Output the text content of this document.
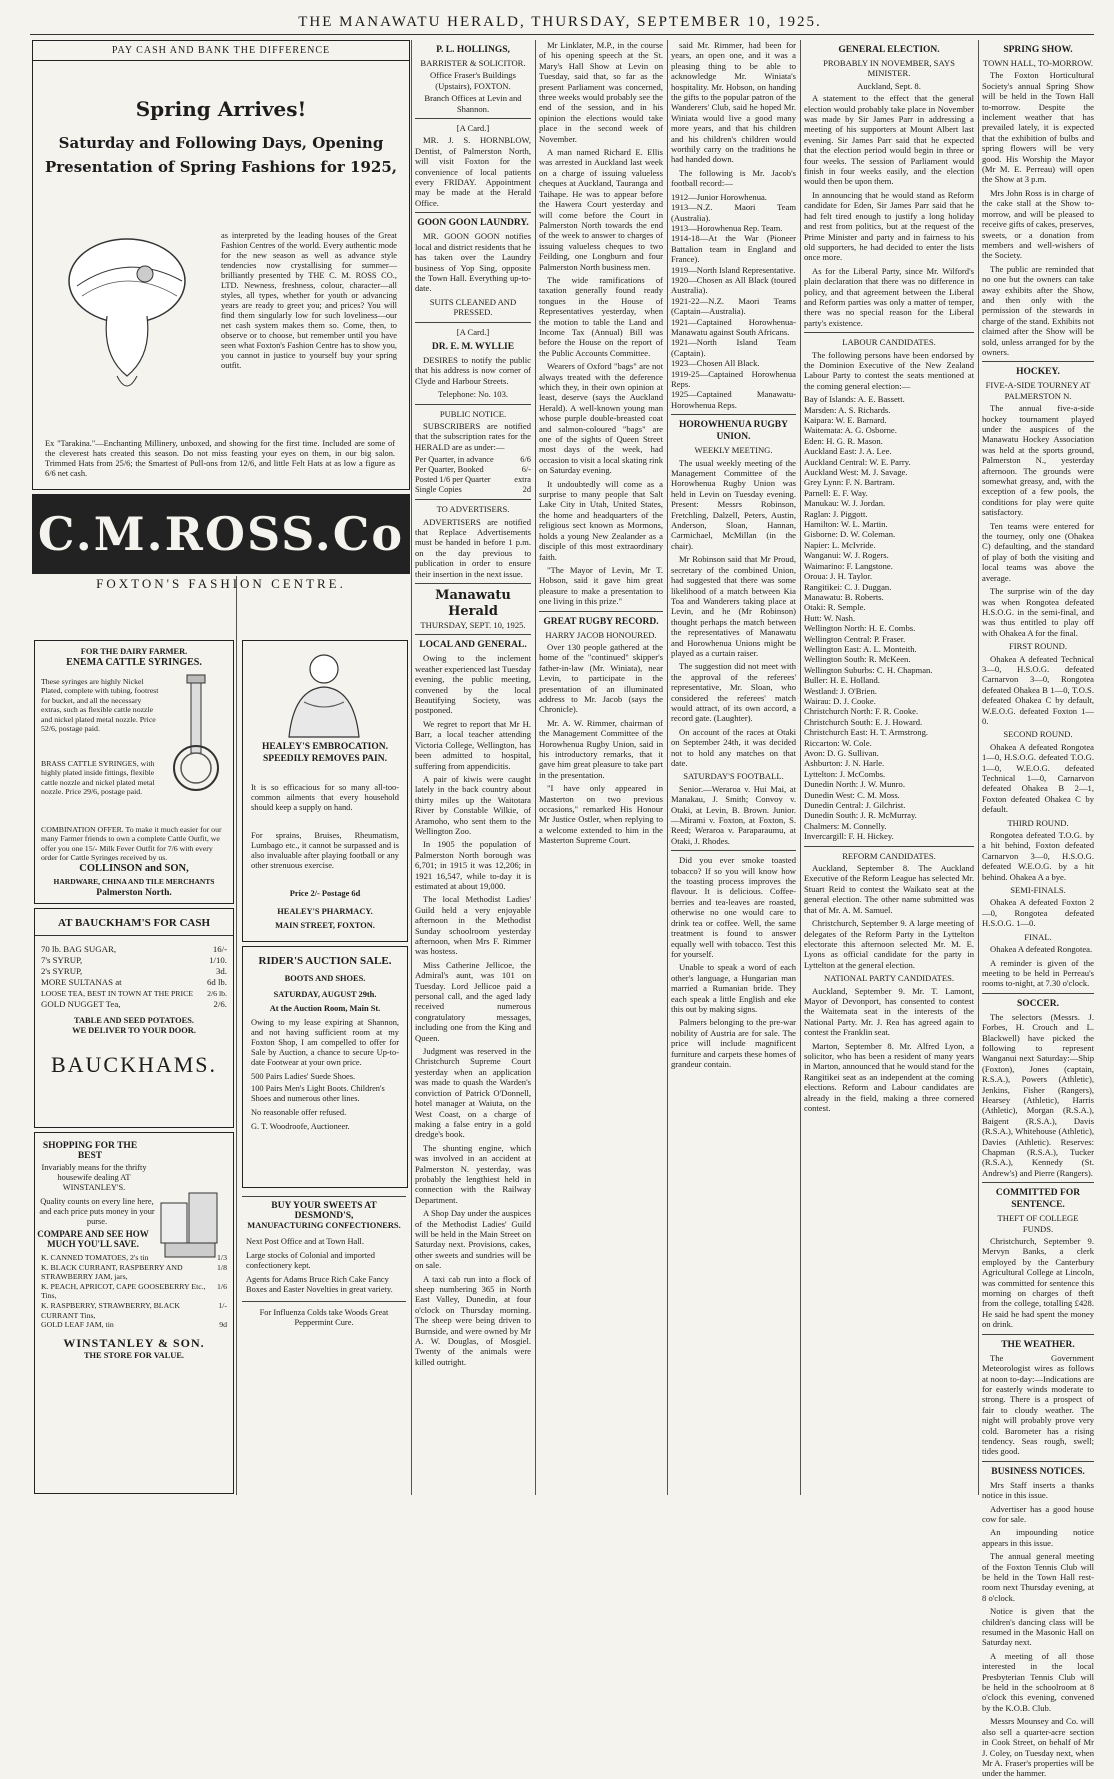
THE MANAWATU HERALD, THURSDAY, SEPTEMBER 10, 1925.
PAY CASH AND BANK THE DIFFERENCE
Spring Arrives!
Saturday and Following Days, Opening Presentation of Spring Fashions for 1925,
as interpreted by the leading houses of the Great Fashion Centres of the world. Every authentic mode for the new season as well as advance style tendencies now crystallising for summer—brilliantly presented by THE C. M. ROSS CO., LTD. Newness, freshness, colour, character—all styles, all types, whether for youth or advancing years are ready to greet you; and prices? You will find them singularly low for such loveliness—our net cash system makes them so. Come, then, to observe or to choose, but remember until you have seen what Foxton's Fashion Centre has to show you, you cannot in justice to yourself buy your spring outfit.
Ex "Tarakina."—Enchanting Millinery, unboxed, and showing for the first time. Included are some of the cleverest hats created this season. Do not miss feasting your eyes on them, in our big salon. Trimmed Hats from 25/6; the Smartest of Pull-ons from 12/6, and little Felt Hats at as low a figure as 6/6 net cash.
C.M.ROSS.Co
FOXTON'S FASHION CENTRE.
FOR THE DAIRY FARMER.
ENEMA CATTLE SYRINGES.
These syringes are highly Nickel Plated, complete with tubing, footrest for bucket, and all the necessary extras, such as flexible cattle nozzle and nickel plated metal nozzle. Price 52/6, postage paid.
BRASS CATTLE SYRINGES, with highly plated inside fittings, flexible cattle nozzle and nickel plated metal nozzle. Price 29/6, postage paid.
COMBINATION OFFER. To make it much easier for our many Farmer friends to own a complete Cattle Outfit, we offer you one 15/- Milk Fever Outfit for 7/6 with every order for Cattle Syringes received by us.
COLLINSON and SON,
HARDWARE, CHINA AND TILE MERCHANTS
Palmerston North.
AT BAUCKHAM'S FOR CASH
70 lb. BAG SUGAR,	16/-
7's SYRUP,	1/10.
2's SYRUP,	3d.
MORE SULTANAS at	6d lb.
LOOSE TEA, BEST IN TOWN AT THE PRICE 2/6 lb.
GOLD NUGGET Tea,	2/6.
TABLE AND SEED POTATOES.
WE DELIVER TO YOUR DOOR.
BAUCKHAMS.
SHOPPING FOR THE BEST
Invariably means for the thrifty housewife dealing AT WINSTANLEY'S.
Quality counts on every line here, and each price puts money in your purse.
COMPARE AND SEE HOW MUCH YOU'LL SAVE.
K. CANNED TOMATOES, 2's tin	1/3
K. BLACK CURRANT, RASPBERRY AND STRAWBERRY JAM, jars,
1/8
K. PEACH, APRICOT, CAPE GOOSEBERRY Etc., Tins,
1/6
K. RASPBERRY, STRAWBERRY, BLACK CURRANT Tins,
1/-
GOLD LEAF JAM, tin	9d
WINSTANLEY & SON.
THE STORE FOR VALUE.
HEALEY'S EMBROCATION. SPEEDILY REMOVES PAIN.
It is so efficacious for so many all-too-common ailments that every household should keep a supply on hand.
For sprains, Bruises, Rheumatism, Lumbago etc., it cannot be surpassed and is also invaluable after playing football or any other strenuous exercise.
Price 2/- Postage 6d
HEALEY'S PHARMACY.
MAIN STREET, FOXTON.
RIDER'S AUCTION SALE.
BOOTS AND SHOES.
SATURDAY, AUGUST 29th.
At the Auction Room, Main St.
Owing to my lease expiring at Shannon, and not having sufficient room at my Foxton Shop, I am compelled to offer for Sale by Auction, a chance to secure Up-to-date Footwear at your own price.
500 Pairs Ladies' Suede Shoes.
100 Pairs Men's Light Boots. Children's Shoes and numerous other lines.
No reasonable offer refused.
G. T. Woodroofe, Auctioneer.
BUY YOUR SWEETS AT DESMOND'S,
MANUFACTURING CONFECTIONERS.
Next Post Office and at Town Hall.
Large stocks of Colonial and imported confectionery kept.
Agents for Adams Bruce Rich Cake Fancy Boxes and Easter Novelties in great variety.
For Influenza Colds take Woods Great Peppermint Cure.
P. L. HOLLINGS,
BARRISTER & SOLICITOR.
Office Fraser's Buildings (Upstairs), FOXTON.
Branch Offices at Levin and Shannon.
[A Card.]
MR. J. S. HORNBLOW, Dentist, of Palmerston North, will visit Foxton for the convenience of local patients every FRIDAY. Appointment may be made at the Herald Office.
GOON GOON LAUNDRY.
MR. GOON GOON notifies local and district residents that he has taken over the Laundry business of Yop Sing, opposite the Town Hall. Everything up-to-date.
SUITS CLEANED AND PRESSED.
[A Card.]
DR. E. M. WYLLIE
DESIRES to notify the public that his address is now corner of Clyde and Harbour Streets.
Telephone: No. 103.
PUBLIC NOTICE.
SUBSCRIBERS are notified that the subscription rates for the HERALD are as under:—
Per Quarter, in advance	6/6
Per Quarter, Booked	6/-
Posted 1/6 per Quarter	extra
Single Copies	2d
TO ADVERTISERS.
ADVERTISERS are notified that Replace Advertisements must be handed in before 1 p.m. on the day previous to publication in order to ensure their insertion in the next issue.
Manawatu Herald
THURSDAY, SEPT. 10, 1925.
LOCAL AND GENERAL.
Owing to the inclement weather experienced last Tuesday evening, the public meeting, convened by the local Beautifying Society, was postponed.
We regret to report that Mr H. Barr, a local teacher attending Victoria College, Wellington, has been admitted to hospital, suffering from appendicitis.
A pair of kiwis were caught lately in the back country about thirty miles up the Waitotara River by Constable Wilkie, of Aramoho, who sent them to the Wellington Zoo.
In 1905 the population of Palmerston North borough was 6,701; in 1915 it was 12,206; in 1921 16,547, while to-day it is estimated at about 19,000.
The local Methodist Ladies' Guild held a very enjoyable afternoon in the Methodist Sunday schoolroom yesterday afternoon, when Mrs F. Rimmer was hostess.
Miss Catherine Jellicoe, the Admiral's aunt, was 101 on Tuesday. Lord Jellicoe paid a personal call, and the aged lady received numerous congratulatory messages, including one from the King and Queen.
Judgment was reserved in the Christchurch Supreme Court yesterday when an application was made to quash the Warden's conviction of Patrick O'Donnell, hotel manager at Waiuta, on the West Coast, on a charge of making a false entry in a gold dredge's book.
The shunting engine, which was involved in an accident at Palmerston N. yesterday, was probably the lengthiest held in connection with the Railway Department.
A Shop Day under the auspices of the Methodist Ladies' Guild will be held in the Main Street on Saturday next. Provisions, cakes, other sweets and sundries will be on sale.
A taxi cab run into a flock of sheep numbering 365 in North East Valley, Dunedin, at four o'clock on Thursday morning. The sheep were being driven to Burnside, and were owned by Mr A. W. Douglas, of Mosgiel. Twenty of the animals were killed outright.
Mr Linklater, M.P., in the course of his opening speech at the St. Mary's Hall Show at Levin on Tuesday, said that, so far as the present Parliament was concerned, three weeks would probably see the end of the session, and in his opinion the elections would take place in the second week of November.
A man named Richard E. Ellis was arrested in Auckland last week on a charge of issuing valueless cheques at Auckland, Tauranga and Taihape. He was to appear before the Hawera Court yesterday and will come before the Court in Palmerston North towards the end of the week to answer to charges of issuing valueless cheques to two Feilding, one Longburn and four Palmerston North business men.
The wide ramifications of taxation generally found ready tongues in the House of Representatives yesterday, when the motion to table the Land and Income Tax (Annual) Bill was before the House on the report of the Public Accounts Committee.
Wearers of Oxford "bags" are not always treated with the deference which they, in their own opinion at least, deserve (says the Auckland Herald). A well-known young man whose purple double-breasted coat and salmon-coloured "bags" are one of the sights of Queen Street most days of the week, had occasion to visit a local skating rink on Saturday evening.
It undoubtedly will come as a surprise to many people that Salt Lake City in Utah, United States, the home and headquarters of the religious sect known as Mormons, holds a young New Zealander as a disciple of this most extraordinary faith.
"The Mayor of Levin, Mr T. Hobson, said it gave him great pleasure to make a presentation to one living in this prize."
GREAT RUGBY RECORD.
HARRY JACOB HONOURED.
Over 130 people gathered at the home of the "continued" skipper's father-in-law (Mr. Winiata), near Levin, to participate in the presentation of an illuminated address to Mr. Jacob (says the Chronicle).
Mr. A. W. Rimmer, chairman of the Management Committee of the Horowhenua Rugby Union, said in his introductory remarks, that it gave him great pleasure to take part in the presentation.
"I have only appeared in Masterton on two previous occasions," remarked His Honour Mr Justice Ostler, when replying to a welcome extended to him in the Masterton Supreme Court.
said Mr. Rimmer, had been for years, an open one, and it was a pleasing thing to be able to acknowledge Mr. Winiata's hospitality. Mr. Hobson, on handing the gifts to the popular patron of the Wanderers' Club, said he hoped Mr. Winiata would live a good many more years, and that his children and his children's children would worthily carry on the traditions he had handed down.
The following is Mr. Jacob's football record:—
1912—Junior Horowhenua.
1913—N.Z. Maori Team (Australia).
1913—Horowhenua Rep. Team.
1914-18—At the War (Pioneer Battalion team in England and France).
1919—North Island Representative.
1920—Chosen as All Black (toured Australia).
1921-22—N.Z. Maori Teams (Captain—Australia).
1921—Captained Horowhenua-Manawatu against South Africans.
1921—North Island Team (Captain).
1923—Chosen All Black.
1919-25—Captained Horowhenua Reps.
1925—Captained Manawatu-Horowhenua Reps.
HOROWHENUA RUGBY UNION.
WEEKLY MEETING.
The usual weekly meeting of the Management Committee of the Horowhenua Rugby Union was held in Levin on Tuesday evening. Present: Messrs Robinson, Fretchling, Dalzell, Peters, Austin, Anderson, Sloan, Hannan, Carmichael, McMillan (in the chair).
Mr Robinson said that Mr Proud, secretary of the combined Union, had suggested that there was some likelihood of a match between Kia Toa and Wanderers taking place at Levin, and he (Mr Robinson) thought perhaps the match between the representatives of Manawatu and Horowhenua Unions might be played as a curtain raiser.
The suggestion did not meet with the approval of the referees' representative, Mr. Sloan, who considered the referees' match would attract, of its own accord, a record gate. (Laughter).
On account of the races at Otaki on September 24th, it was decided not to hold any matches on that date.
SATURDAY'S FOOTBALL.
Senior.—Weraroa v. Hui Mai, at Manakau, J. Smith; Convoy v. Otaki, at Levin, B. Brown. Junior.—Mirami v. Foxton, at Foxton, S. Reed; Weraroa v. Paraparaumu, at Otaki, J. Rhodes.
Did you ever smoke toasted tobacco? If so you will know how the toasting process improves the flavour. It is delicious. Coffee-berries and tea-leaves are roasted, otherwise no one would care to drink tea or coffee. Well, the same treatment is found to answer equally well with tobacco. Test this for yourself.
Unable to speak a word of each other's language, a Hungarian man married a Rumanian bride. They each speak a little English and eke this out by making signs.
Palmers belonging to the pre-war nobility of Austria are for sale. The price will include magnificent furniture and carpets these homes of grandeur contain.
GENERAL ELECTION.
PROBABLY IN NOVEMBER, SAYS MINISTER.
Auckland, Sept. 8.
A statement to the effect that the general election would probably take place in November was made by Sir James Parr in addressing a meeting of his supporters at Mount Albert last evening. Sir James Parr said that he expected that the election period would begin in three or four weeks. The session of Parliament would finish in four weeks easily, and the election would then be upon them.
In announcing that he would stand as Reform candidate for Eden, Sir James Parr said that he had felt tired enough to justify a long holiday and rest from politics, but at the request of the Prime Minister and party and in fairness to his old supporters, he had decided to enter the lists once more.
As for the Liberal Party, since Mr. Wilford's plain declaration that there was no difference in policy, and that agreement between the Liberal and Reform parties was only a matter of temper, there was no special reason for the Liberal party's existence.
LABOUR CANDIDATES.
The following persons have been endorsed by the Dominion Executive of the New Zealand Labour Party to contest the seats mentioned at the coming general election:—
Bay of Islands: A. E. Bassett.
Marsden: A. S. Richards.
Kaipara: W. E. Barnard.
Waitemata: A. G. Osborne.
Eden: H. G. R. Mason.
Auckland East: J. A. Lee.
Auckland Central: W. E. Parry.
Auckland West: M. J. Savage.
Grey Lynn: F. N. Bartram.
Parnell: E. F. Way.
Manukau: W. J. Jordan.
Raglan: J. Piggott.
Hamilton: W. L. Martin.
Gisborne: D. W. Coleman.
Napier: L. McIvride.
Wanganui: W. J. Rogers.
Waimarino: F. Langstone.
Oroua: J. H. Taylor.
Rangitikei: C. J. Duggan.
Manawatu: B. Roberts.
Otaki: R. Semple.
Hutt: W. Nash.
Wellington North: H. E. Combs.
Wellington Central: P. Fraser.
Wellington East: A. L. Monteith.
Wellington South: R. McKeen.
Wellington Suburbs: C. H. Chapman.
Buller: H. E. Holland.
Westland: J. O'Brien.
Wairau: D. J. Cooke.
Christchurch North: F. R. Cooke.
Christchurch South: E. J. Howard.
Christchurch East: H. T. Armstrong.
Riccarton: W. Cole.
Avon: D. G. Sullivan.
Ashburton: J. N. Harle.
Lyttelton: J. McCombs.
Dunedin North: J. W. Munro.
Dunedin West: C. M. Moss.
Dunedin Central: J. Gilchrist.
Dunedin South: J. R. McMurray.
Chalmers: M. Connelly.
Invercargill: F. H. Hickey.
REFORM CANDIDATES.
Auckland, September 8. The Auckland Executive of the Reform League has selected Mr. Stuart Reid to contest the Waikato seat at the general election. The other name submitted was that of Mr. A. M. Samuel.
Christchurch, September 9. A large meeting of delegates of the Reform Party in the Lyttelton electorate this afternoon selected Mr. M. E. Lyons as official candidate for the party in Lyttelton at the general election.
NATIONAL PARTY CANDIDATES.
Auckland, September 9. Mr. T. Lamont, Mayor of Devonport, has consented to contest the Waitemata seat in the interests of the National Party. Mr. J. Rea has agreed again to contest the Franklin seat.
Marton, September 8. Mr. Alfred Lyon, a solicitor, who has been a resident of many years in Marton, announced that he would stand for the Rangitikei seat as an independent at the coming elections. Reform and Labour candidates are already in the field, making a three cornered contest.
SPRING SHOW.
TOWN HALL, TO-MORROW.
The Foxton Horticultural Society's annual Spring Show will be held in the Town Hall to-morrow. Despite the inclement weather that has prevailed lately, it is expected that the exhibition of bulbs and spring flowers will be very good. His Worship the Mayor (Mr M. E. Perreau) will open the Show at 3 p.m.
Mrs John Ross is in charge of the cake stall at the Show to-morrow, and will be pleased to receive gifts of cakes, preserves, sweets, or a donation from members and well-wishers of the Society.
The public are reminded that no one but the owners can take away exhibits after the Show, and then only with the permission of the stewards in charge of the stand. Exhibits not claimed after the Show will be sold, unless arranged for by the owners.
HOCKEY.
FIVE-A-SIDE TOURNEY AT PALMERSTON N.
The annual five-a-side hockey tournament played under the auspices of the Manawatu Hockey Association was held at the sports ground, Palmerston N., yesterday afternoon. The grounds were somewhat greasy, and, with the exception of a few pools, the conditions for play were quite satisfactory.
Ten teams were entered for the tourney, only one (Ohakea C) defaulting, and the standard of play of both the visiting and local teams was above the average.
The surprise win of the day was when Rongotea defeated H.S.O.G. in the semi-final, and was thus entitled to play off with Ohakea A for the final.
FIRST ROUND.
Ohakea A defeated Technical 3—0, H.S.O.G. defeated Carnarvon 3—0, Rongotea defeated Ohakea B 1—0, T.O.S. defeated Ohakea C by default, W.E.O.G. defeated Foxton 1—0.
SECOND ROUND.
Ohakea A defeated Rongotea 1—0, H.S.O.G. defeated T.O.G. 1—0, W.E.O.G. defeated Technical 1—0, Carnarvon defeated Ohakea B 2—1, Foxton defeated Ohakea C by default.
THIRD ROUND.
Rongotea defeated T.O.G. by a hit behind, Foxton defeated Carnarvon 3—0, H.S.O.G. defeated W.E.O.G. by a hit behind. Ohakea A a bye.
SEMI-FINALS.
Ohakea A defeated Foxton 2—0, Rongotea defeated H.S.O.G. 1—0.
FINAL.
Ohakea A defeated Rongotea.
A reminder is given of the meeting to be held in Perreau's rooms to-night, at 7.30 o'clock.
SOCCER.
The selectors (Messrs. J. Forbes, H. Crouch and L. Blackwell) have picked the following to represent Wanganui next Saturday:—Ship (Foxton), Jones (captain, R.S.A.), Powers (Athletic), Jenkins, Fisher (Rangers), Hearsey (Athletic), Harris (Athletic), Morgan (R.S.A.), Baigent (R.S.A.), Davis (R.S.A.), Whitehouse (Athletic), Davies (Athletic). Reserves: Chapman (R.S.A.), Tucker (R.S.A.), Kennedy (St. Andrew's) and Pierre (Rangers).
COMMITTED FOR SENTENCE.
THEFT OF COLLEGE FUNDS.
Christchurch, September 9. Mervyn Banks, a clerk employed by the Canterbury Agricultural College at Lincoln, was committed for sentence this morning on charges of theft from the college, totalling £428. He said he had spent the money on drink.
THE WEATHER.
The Government Meteorologist wires as follows at noon to-day:—Indications are for easterly winds moderate to strong. There is a prospect of fair to cloudy weather. The night will probably prove very cold. Barometer has a rising tendency. Seas rough, swell; tides good.
BUSINESS NOTICES.
Mrs Staff inserts a thanks notice in this issue.
Advertiser has a good house cow for sale.
An impounding notice appears in this issue.
The annual general meeting of the Foxton Tennis Club will be held in the Town Hall rest-room next Thursday evening, at 8 o'clock.
Notice is given that the children's dancing class will be resumed in the Masonic Hall on Saturday next.
A meeting of all those interested in the local Presbyterian Tennis Club will be held in the schoolroom at 8 o'clock this evening, convened by the K.O.B. Club.
Messrs Mounsey and Co. will also sell a quarter-acre section in Cook Street, on behalf of Mr J. Coley, on Tuesday next, when Mr A. Fraser's properties will be under the hammer.
